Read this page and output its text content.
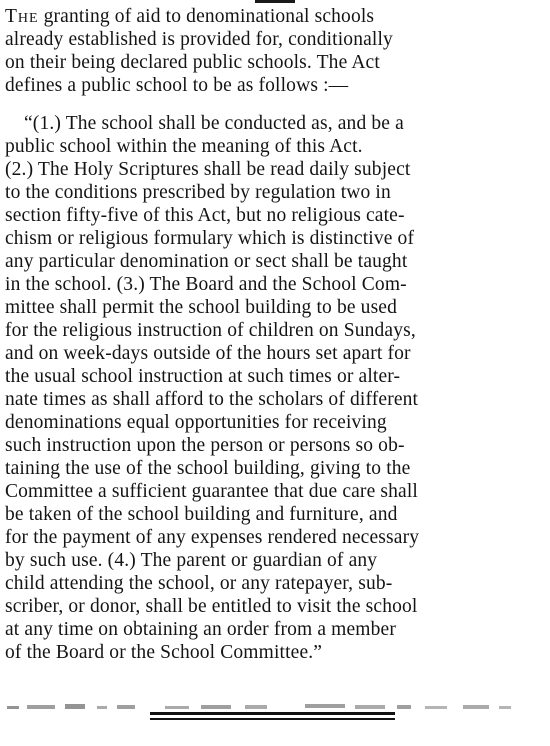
The granting of aid to denominational schools
already established is provided for, conditionally
on their being declared public schools. The Act
defines a public school to be as follows :—
“(1.) The school shall be conducted as, and be a
public school within the meaning of this Act.
(2.) The Holy Scriptures shall be read daily subject
to the conditions prescribed by regulation two in
section fifty-five of this Act, but no religious cate-
chism or religious formulary which is distinctive of
any particular denomination or sect shall be taught
in the school. (3.) The Board and the School Com-
mittee shall permit the school building to be used
for the religious instruction of children on Sundays,
and on week-days outside of the hours set apart for
the usual school instruction at such times or alter-
nate times as shall afford to the scholars of different
denominations equal opportunities for receiving
such instruction upon the person or persons so ob-
taining the use of the school building, giving to the
Committee a sufficient guarantee that due care shall
be taken of the school building and furniture, and
for the payment of any expenses rendered necessary
by such use. (4.) The parent or guardian of any
child attending the school, or any ratepayer, sub-
scriber, or donor, shall be entitled to visit the school
at any time on obtaining an order from a member
of the Board or the School Committee.”
